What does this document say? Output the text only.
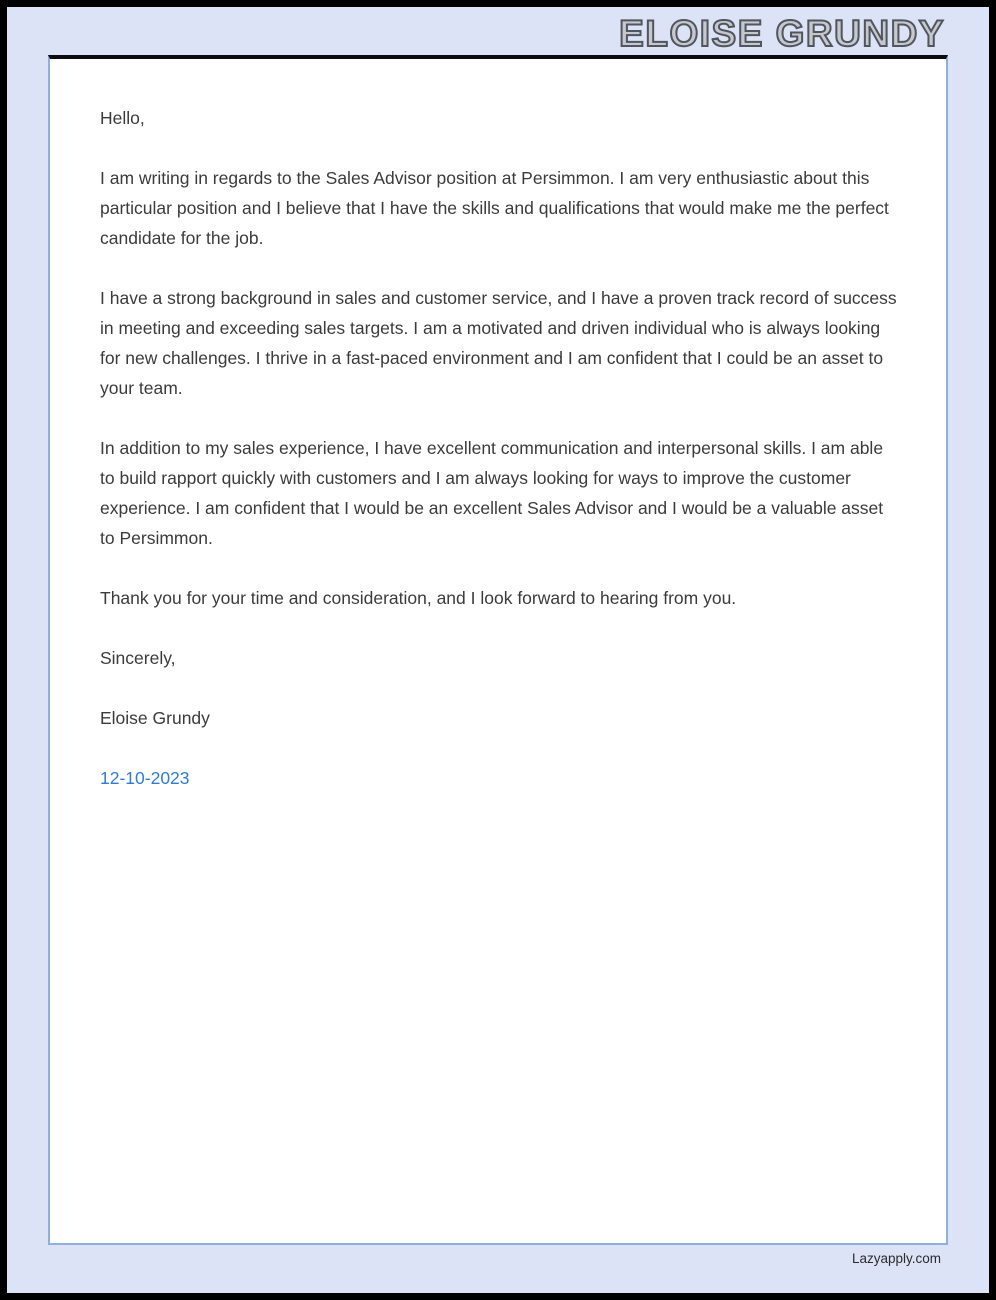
ELOISE GRUNDY

Hello,

I am writing in regards to the Sales Advisor position at Persimmon. I am very enthusiastic about this particular position and I believe that I have the skills and qualifications that would make me the perfect candidate for the job.

I have a strong background in sales and customer service, and I have a proven track record of success in meeting and exceeding sales targets. I am a motivated and driven individual who is always looking for new challenges. I thrive in a fast-paced environment and I am confident that I could be an asset to your team.

In addition to my sales experience, I have excellent communication and interpersonal skills. I am able to build rapport quickly with customers and I am always looking for ways to improve the customer experience. I am confident that I would be an excellent Sales Advisor and I would be a valuable asset to Persimmon.

Thank you for your time and consideration, and I look forward to hearing from you.

Sincerely,

Eloise Grundy

12-10-2023

Lazyapply.com
